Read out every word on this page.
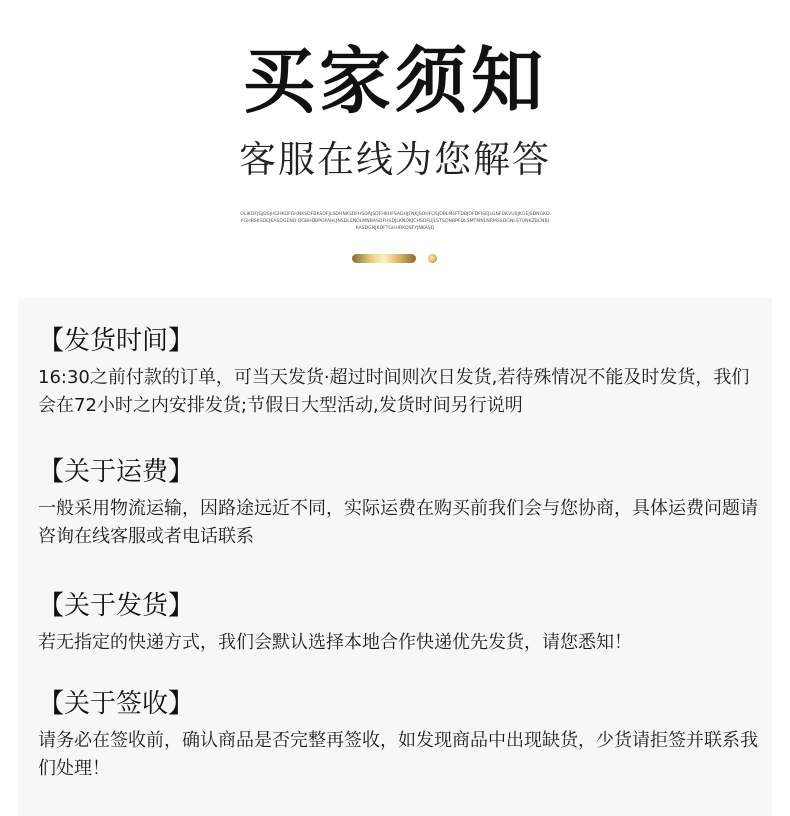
买家须知
客服在线为您解答
OLIKDFJGJDSJHGHKDFGHNKSDFBKSDFJLSDHNKSDFHSDAJSDFHKHFSADHJFNKJSDHFOSJDBLMLFTDBJOFDFISEJLGNFDKVUSJKGEJSDNGKDFGHBSKSDEJKASDGEND DGBHDBPOFAHLJNSDLSNOLMNBASDFHSDJLKNDKJCHSDFUJLSTSONBPFDLSMTMNLNRMSSDGNLSTONKZBCNBJKASDGNJKDFTGHHRKDSFYJNKASD
【发货时间】
16:30之前付款的订单，可当天发货·超过时间则次日发货,若待殊情况不能及时发货，我们会在72小时之内安排发货;节假日大型活动,发货时间另行说明
【关于运费】
一般采用物流运输，因路途远近不同，实际运费在购买前我们会与您协商，具体运费问题请咨询在线客服或者电话联系
【关于发货】
若无指定的快递方式，我们会默认选择本地合作快递优先发货，请您悉知！
【关于签收】
请务必在签收前，确认商品是否完整再签收，如发现商品中出现缺货，少货请拒签并联系我们处理！
